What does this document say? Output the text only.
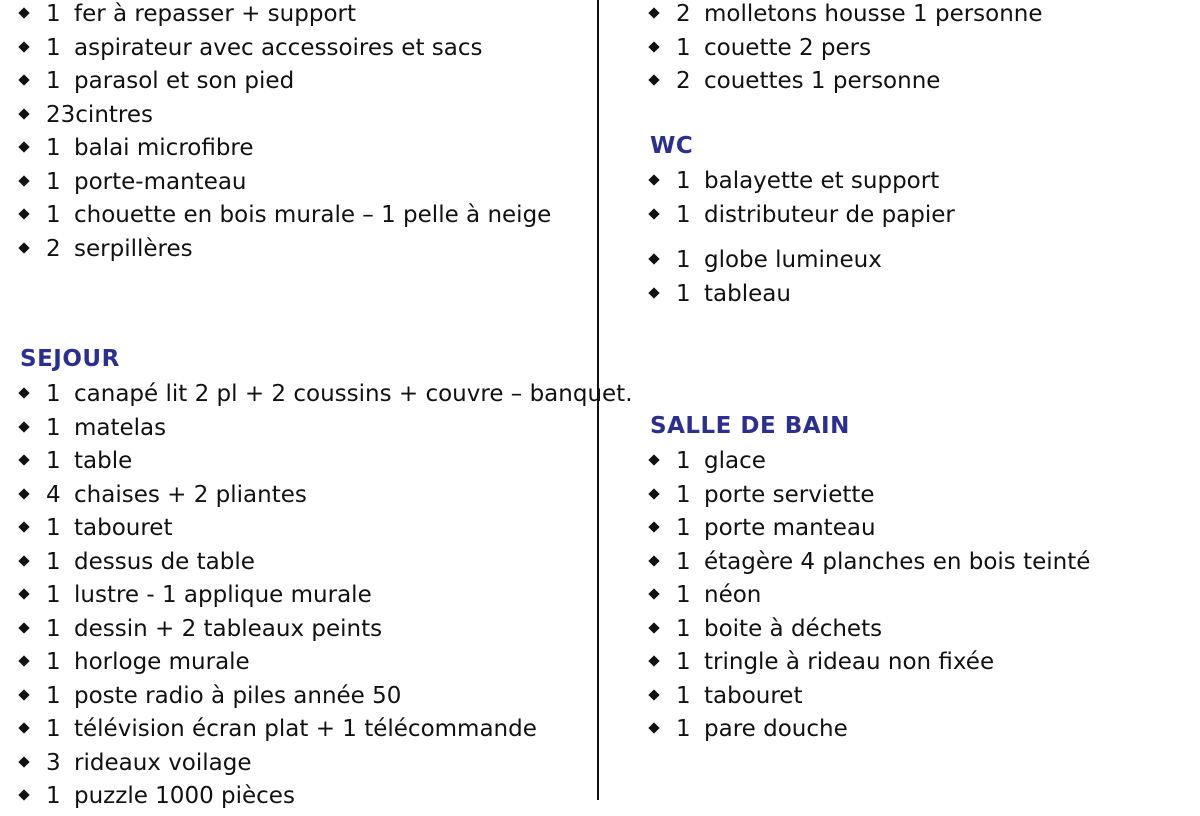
1 fer à repasser + support
1 aspirateur avec accessoires et sacs
1 parasol et son pied
23cintres
1 balai microfibre
1 porte-manteau
1 chouette en bois murale – 1 pelle à neige
2 serpillères
SEJOUR
1 canapé lit 2 pl + 2 coussins + couvre – banquet.
1 matelas
1 table
4 chaises + 2 pliantes
1 tabouret
1 dessus de table
1 lustre - 1 applique murale
1 dessin + 2 tableaux peints
1 horloge murale
1 poste radio à piles année 50
1 télévision écran plat + 1 télécommande
3 rideaux voilage
1 puzzle 1000 pièces
2 molletons housse 1 personne
1 couette 2 pers
2 couettes 1 personne
WC
1 balayette et support
1 distributeur de papier
1 globe lumineux
1 tableau
SALLE DE BAIN
1 glace
1 porte serviette
1 porte manteau
1 étagère 4 planches en bois teinté
1 néon
1 boite à déchets
1 tringle à rideau non fixée
1 tabouret
1 pare douche
